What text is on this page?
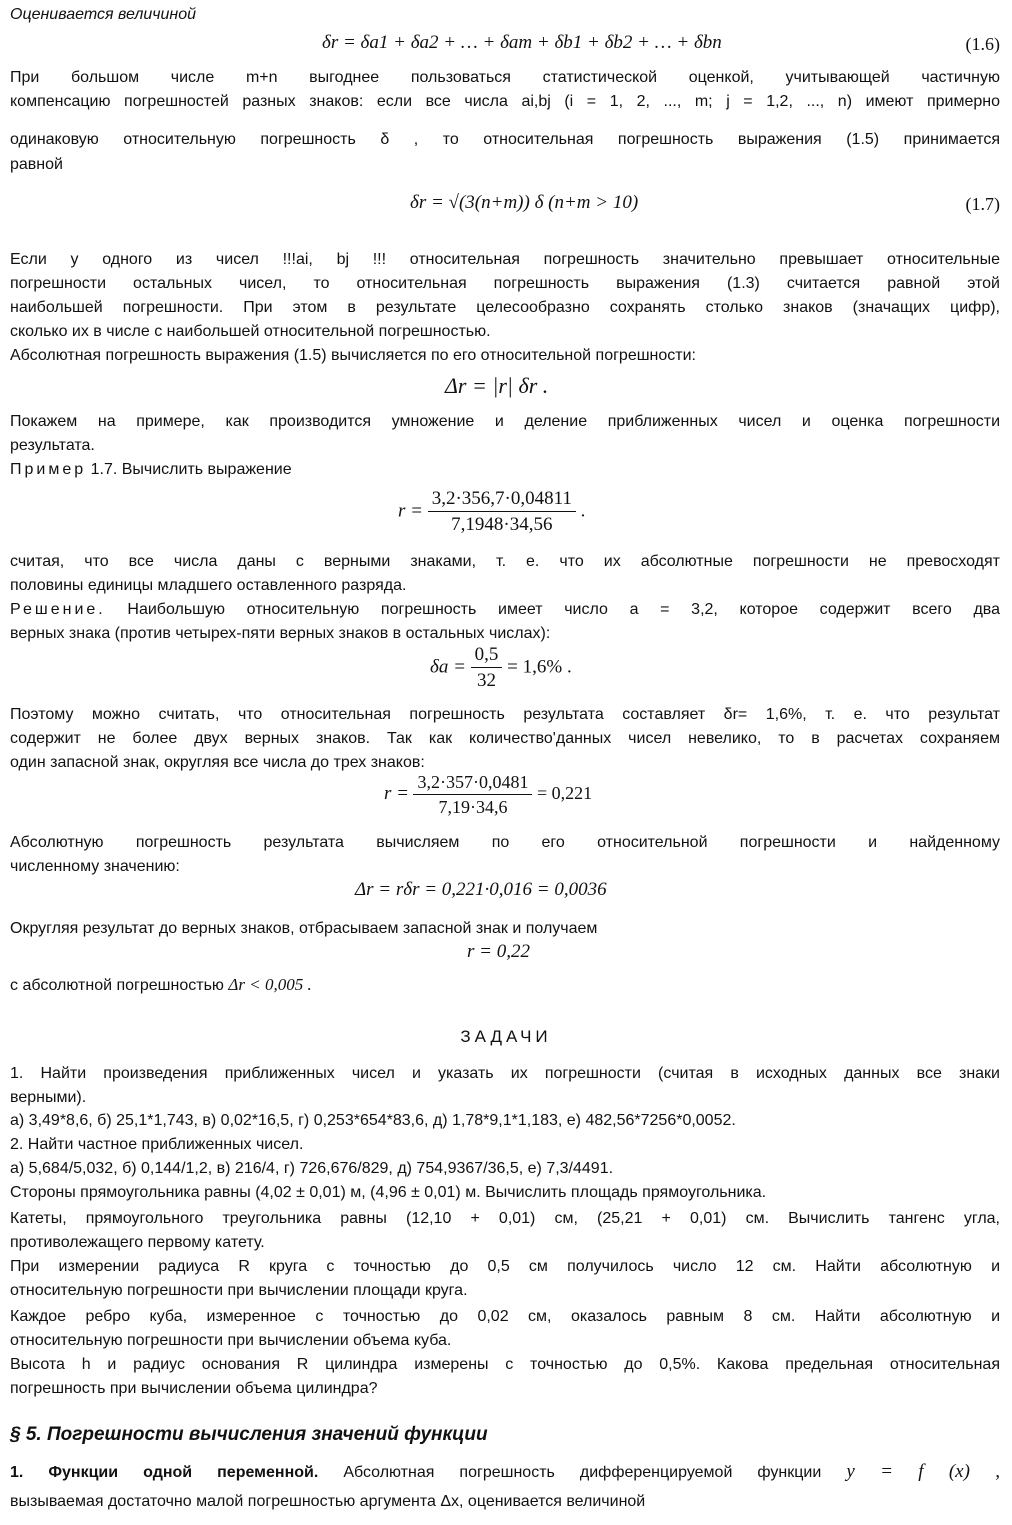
Оценивается величиной

δr = δa1 + δa2 + … + δam + δb1 + δb2 + … + δbn	(1.6)

При большом числе m+n выгоднее пользоваться статистической оценкой, учитывающей частичную

компенсацию погрешностей разных знаков: если все числа ai,bj (i = 1, 2, ..., m; j = 1,2, ..., n) имеют примерно

одинаковую относительную погрешность δ , то относительная погрешность выражения (1.5) принимается

равной

δr = √(3(n+m)) δ (n+m > 10)	(1.7)

Если у одного из чисел !!!ai, bj !!! относительная погрешность значительно превышает относительные

погрешности остальных чисел, то относительная погрешность выражения (1.3) считается равной этой

наибольшей погрешности. При этом в результате целесообразно сохранять столько знаков (значащих цифр),

сколько их в числе с наибольшей относительной погрешностью.

Абсолютная погрешность выражения (1.5) вычисляется по его относительной погрешности:

Δr = |r| δr .

Покажем на примере, как производится умножение и деление приближенных чисел и оценка погрешности

результата.

Пример 1.7. Вычислить выражение

$r = \frac{3,2\cdot 356,7\cdot 0,04811}{7,1948\cdot 34,56}$ .

считая, что все числа даны с верными знаками, т. е. что их абсолютные погрешности не превосходят

половины единицы младшего оставленного разряда.

Решение. Наибольшую относительную погрешность имеет число a = 3,2, которое содержит всего два

верных знака (против четырех-пяти верных знаков в остальных числах):

$\delta a = \frac{0,5}{32} = 1,6\%$ .

Поэтому можно считать, что относительная погрешность результата составляет δr= 1,6%, т. е. что результат

содержит не более двух верных знаков. Так как количество'данных чисел невелико, то в расчетах сохраняем

один запасной знак, округляя все числа до трех знаков:

$r = \frac{3,2\cdot 357\cdot 0,0481}{7,19\cdot 34,6} = 0,221$

Абсолютную погрешность результата вычисляем по его относительной погрешности и найденному

численному значению:

Δr = rδr = 0,221·0,016 = 0,0036

Округляя результат до верных знаков, отбрасываем запасной знак и получаем

r = 0,22

с абсолютной погрешностью Δr < 0,005 .

ЗАДАЧИ

1. Найти произведения приближенных чисел и указать их погрешности (считая в исходных данных все знаки

верными).

а) 3,49*8,6, б) 25,1*1,743, в) 0,02*16,5, г) 0,253*654*83,6, д) 1,78*9,1*1,183, е) 482,56*7256*0,0052.

2. Найти частное приближенных чисел.

а) 5,684/5,032, б) 0,144/1,2, в) 216/4, г) 726,676/829, д) 754,9367/36,5, е) 7,3/4491.

Стороны прямоугольника равны (4,02 ± 0,01) м, (4,96 ± 0,01) м. Вычислить площадь прямоугольника.

Катеты, прямоугольного треугольника равны (12,10 + 0,01) см, (25,21 + 0,01) см. Вычислить тангенс угла,

противолежащего первому катету.

При измерении радиуса R круга с точностью до 0,5 см получилось число 12 см. Найти абсолютную и

относительную погрешности при вычислении площади круга.

Каждое ребро куба, измеренное с точностью до 0,02 см, оказалось равным 8 см. Найти абсолютную и

относительную погрешности при вычислении объема куба.

Высота h и радиус основания R цилиндра измерены с точностью до 0,5%. Какова предельная относительная

погрешность при вычислении объема цилиндра?

§ 5. Погрешности вычисления значений функции

1. Функции одной переменной. Абсолютная погрешность дифференцируемой функции y = f (x) ,

вызываемая достаточно малой погрешностью аргумента Δx, оценивается величиной
